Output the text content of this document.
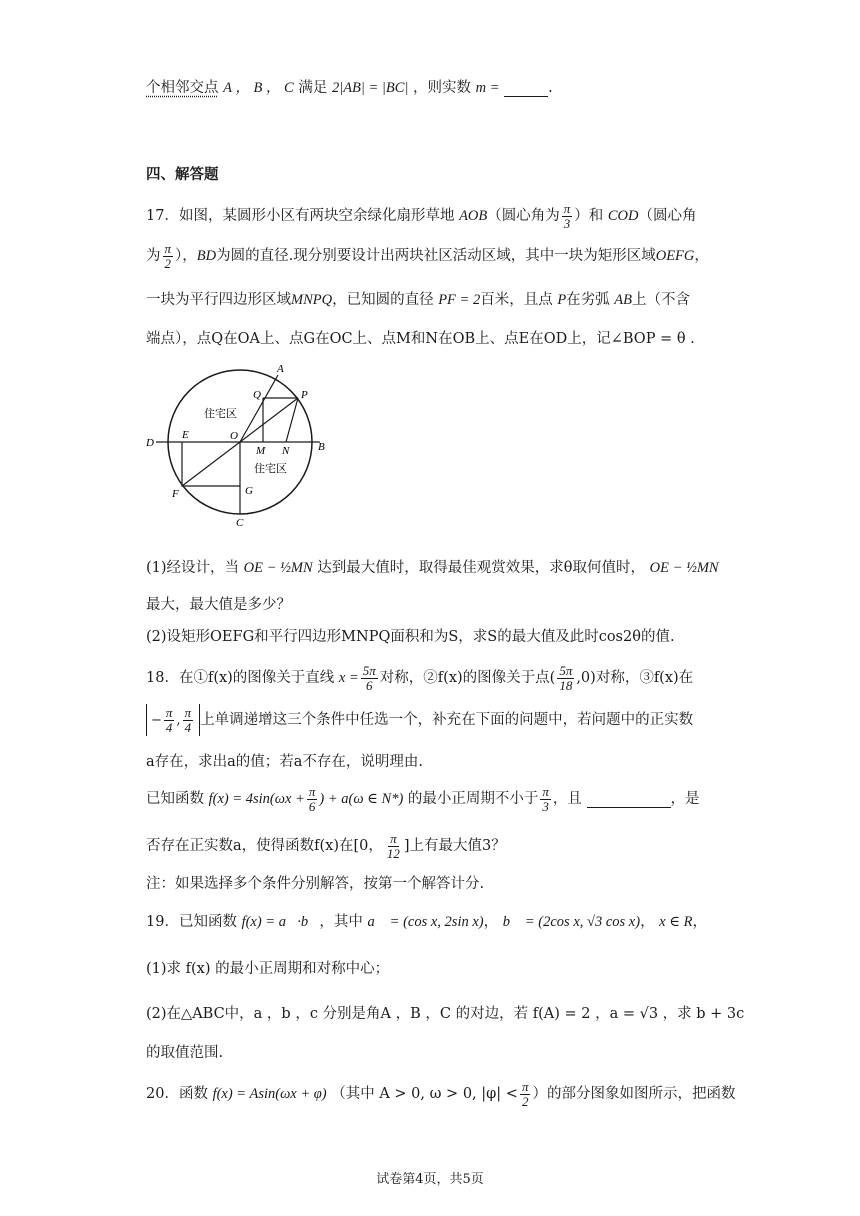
个相邻交点 A ， B ， C 满足 2|AB| = |BC| ，则实数 m =	.
四、解答题
17．如图，某圆形小区有两块空余绿化扇形草地 AOB（圆心角为 $\frac{\pi}{3}$ ）和 COD（圆心角
为 $\frac{\pi}{2}$ ），BD为圆的直径.现分别要设计出两块社区活动区域，其中一块为矩形区域OEFG，
一块为平行四边形区域MNPQ，已知圆的直径 PF = 2百米，且点 P在劣弧 AB上（不含
端点），点Q在OA上、点G在OC上、点M和N在OB上、点E在OD上，记∠BOP = θ .
A
Q	P
D
E	O
M N	B
F	G
C
住宅区
住宅区
(1)经设计，当 OE − ½MN 达到最大值时，取得最佳观赏效果，求θ取何值时， OE − ½MN
最大，最大值是多少？
(2)设矩形OEFG和平行四边形MNPQ面积和为S，求S的最大值及此时cos2θ的值.
18．在①f(x)的图像关于直线 $x = \frac{5\pi}{6}$ 对称，②f(x)的图像关于点( $\frac{5\pi}{18} ,0$)对称，③f(x)在
− $\frac{\pi}{4}$ , $\frac{\pi}{4}$ 上单调递增这三个条件中任选一个，补充在下面的问题中，若问题中的正实数
a存在，求出a的值；若a不存在，说明理由.
已知函数 $f(x) = 4\sin(\omega x + \frac{\pi}{6}$ ) + a(ω ∈ N*) 的最小正周期不小于 $\frac{\pi}{3}$ ，且	，是
否存在正实数a，使得函数f(x)在[0， $\frac{\pi}{12}$ ]上有最大值3？
注：如果选择多个条件分别解答，按第一个解答计分.
19．已知函数 f(x) = a⃗·b⃗，其中 a⃗ = (cos x, 2sin x)， b⃗ = (2cos x, √3 cos x)， x ∈ R，
(1)求 f(x) 的最小正周期和对称中心；
(2)在△ABC中，a ，b ，c 分别是角A ，B ，C 的对边，若 f(A) = 2 ，a = √3 ，求 b + 3c
的取值范围.
20．函数 f(x) = Asin(ωx + φ) （其中 A > 0, ω > 0, $|\varphi| < \frac{\pi}{2}$ ）的部分图象如图所示，把函数
试卷第4页，共5页
